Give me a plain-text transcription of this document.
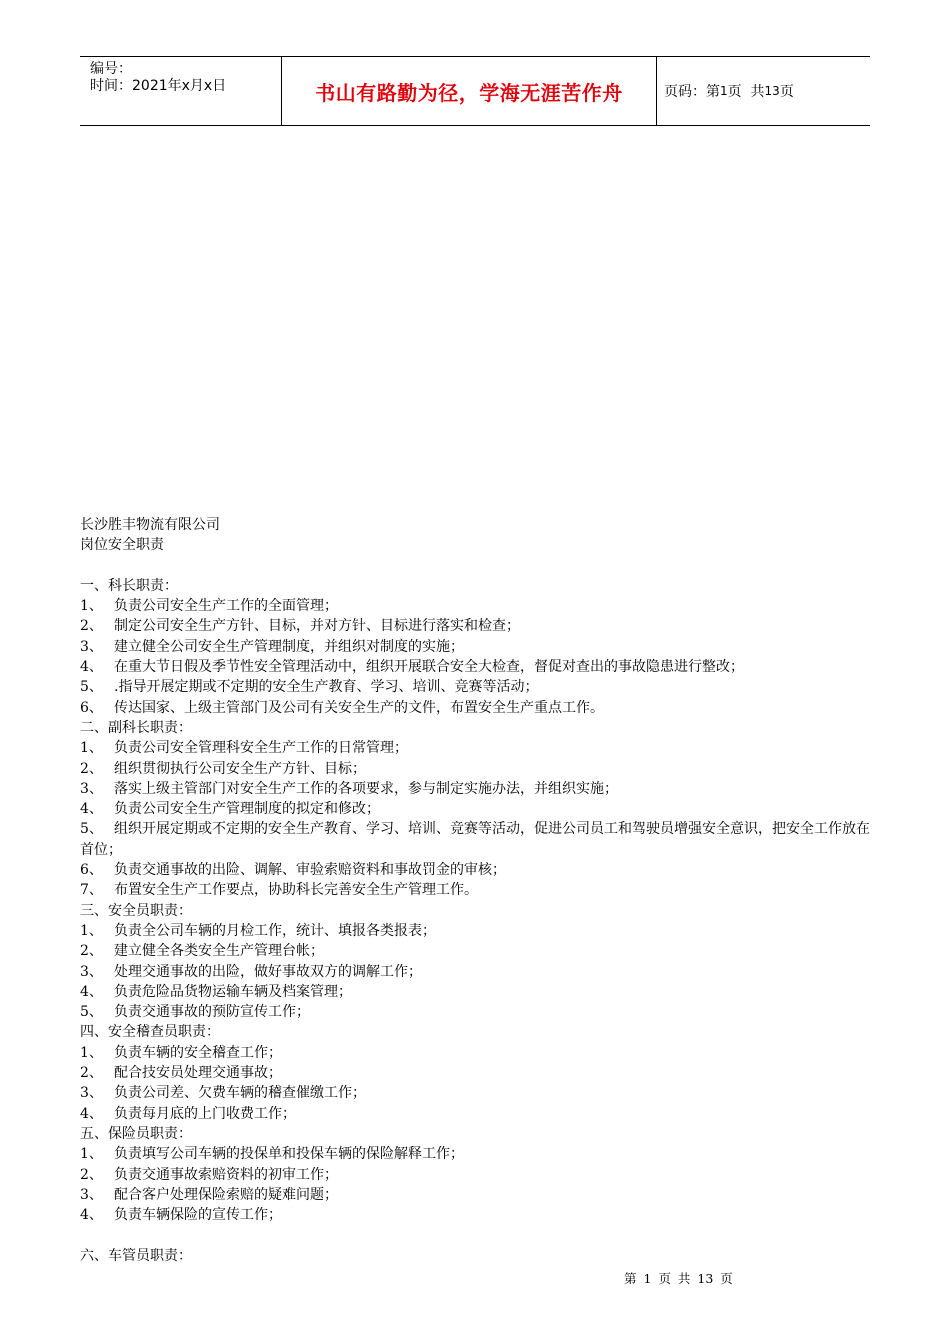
编号：
时间：2021年x月x日	书山有路勤为径，学海无涯苦作舟	页码：第 1 页  共 13 页
长沙胜丰物流有限公司
岗位安全职责
一、科长职责：
1、 负责公司安全生产工作的全面管理；
2、 制定公司安全生产方针、目标，并对方针、目标进行落实和检查；
3、 建立健全公司安全生产管理制度，并组织对制度的实施；
4、 在重大节日假及季节性安全管理活动中，组织开展联合安全大检查，督促对查出的事故隐患进行整改；
5、 .指导开展定期或不定期的安全生产教育、学习、培训、竞赛等活动；
6、 传达国家、上级主管部门及公司有关安全生产的文件，布置安全生产重点工作。
二、副科长职责：
1、 负责公司安全管理科安全生产工作的日常管理；
2、 组织贯彻执行公司安全生产方针、目标；
3、 落实上级主管部门对安全生产工作的各项要求，参与制定实施办法，并组织实施；
4、 负责公司安全生产管理制度的拟定和修改；
5、 组织开展定期或不定期的安全生产教育、学习、培训、竞赛等活动，促进公司员工和驾驶员增强安全意识，把安全工作放在首位；
6、 负责交通事故的出险、调解、审验索赔资料和事故罚金的审核；
7、 布置安全生产工作要点，协助科长完善安全生产管理工作。
三、安全员职责：
1、 负责全公司车辆的月检工作，统计、填报各类报表；
2、 建立健全各类安全生产管理台帐；
3、 处理交通事故的出险，做好事故双方的调解工作；
4、 负责危险品货物运输车辆及档案管理；
5、 负责交通事故的预防宣传工作；
四、安全稽查员职责：
1、 负责车辆的安全稽查工作；
2、 配合技安员处理交通事故；
3、 负责公司差、欠费车辆的稽查催缴工作；
4、 负责每月底的上门收费工作；
五、保险员职责：
1、 负责填写公司车辆的投保单和投保车辆的保险解释工作；
2、 负责交通事故索赔资料的初审工作；
3、 配合客户处理保险索赔的疑难问题；
4、 负责车辆保险的宣传工作；
六、车管员职责：
第 1 页 共 13 页
